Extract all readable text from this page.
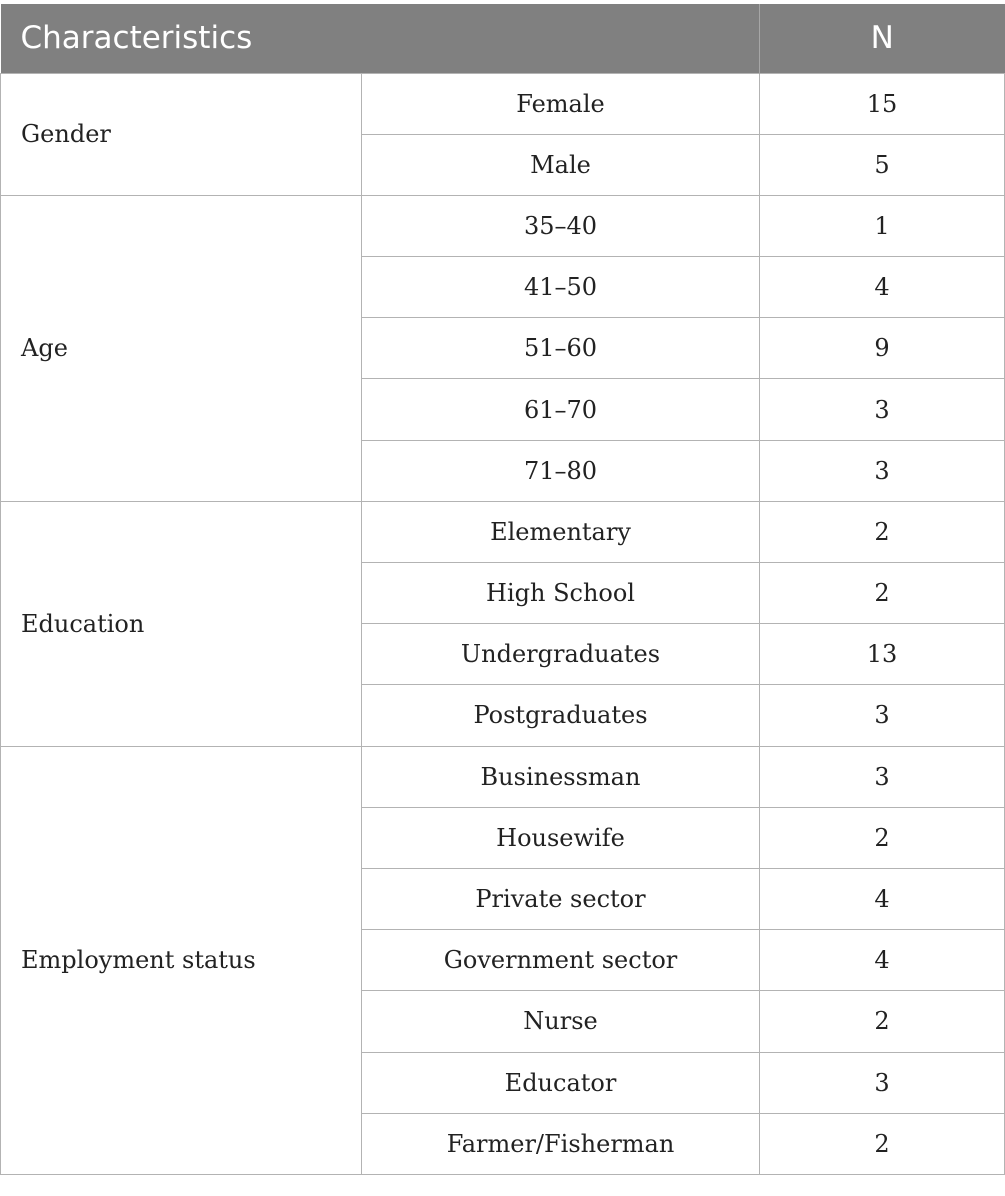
Characteristics		N
Gender	Female	15
	Male	5
Age	35–40	1
	41–50	4
	51–60	9
	61–70	3
	71–80	3
Education	Elementary	2
	High School	2
	Undergraduates	13
	Postgraduates	3
Employment status	Businessman	3
	Housewife	2
	Private sector	4
	Government sector	4
	Nurse	2
	Educator	3
	Farmer/Fisherman	2
